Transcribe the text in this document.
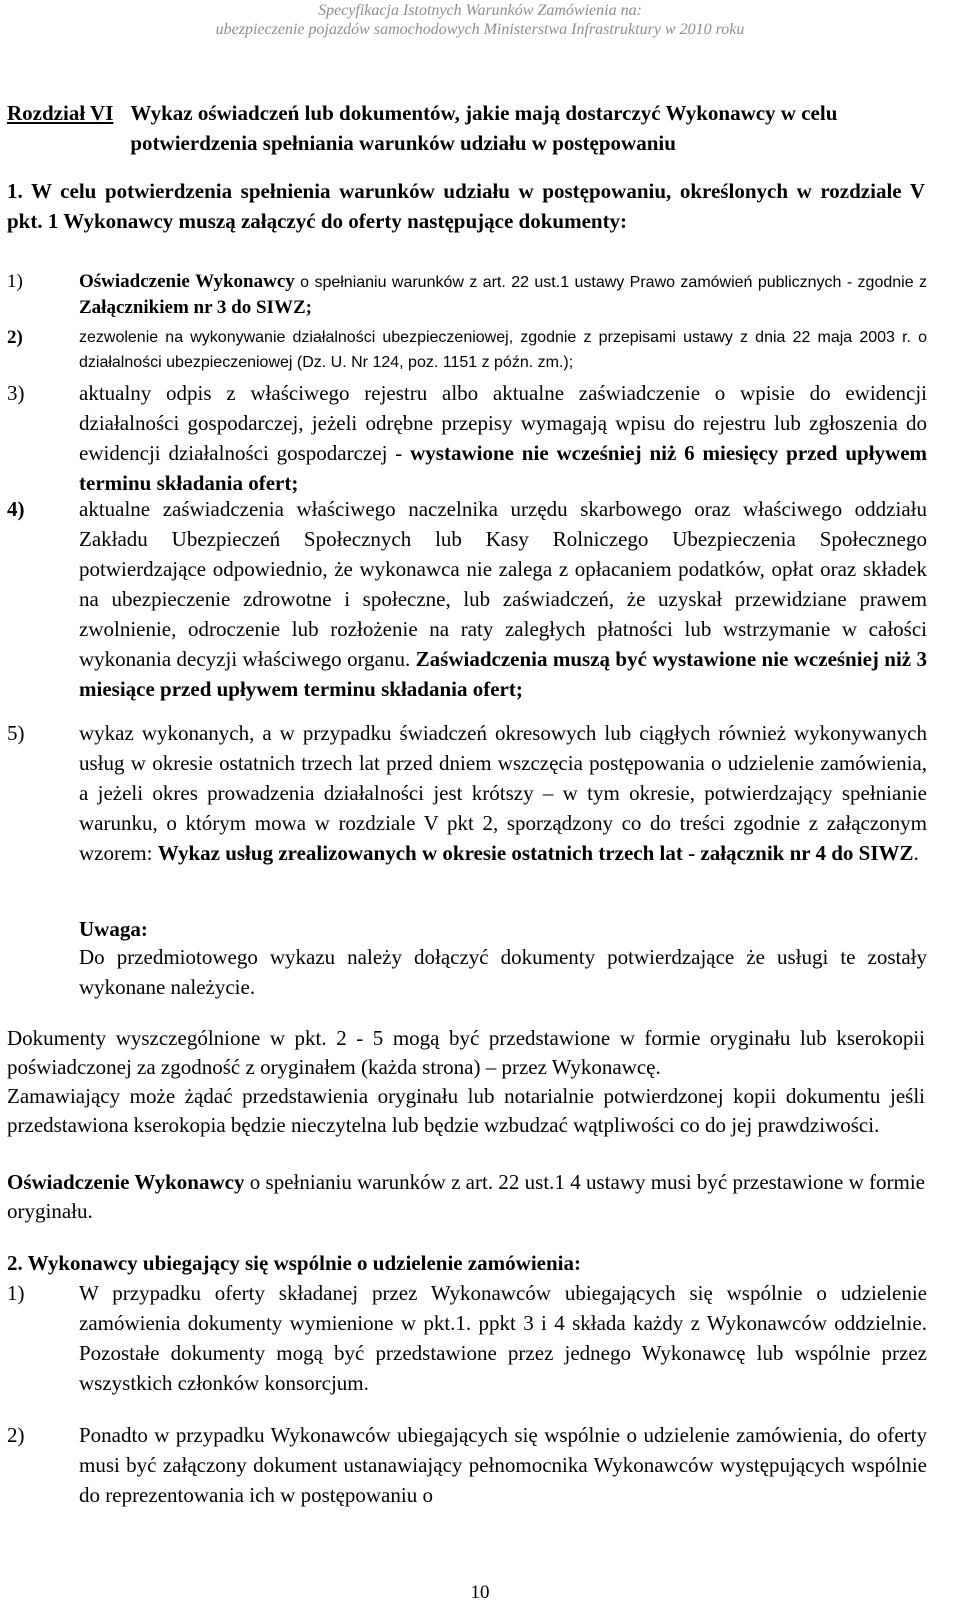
Specyfikacja Istotnych Warunków Zamówienia na:
ubezpieczenie pojazdów samochodowych Ministerstwa Infrastruktury w 2010 roku
Rozdział VI Wykaz oświadczeń lub dokumentów, jakie mają dostarczyć Wykonawcy w celu potwierdzenia spełniania warunków udziału w postępowaniu
1. W celu potwierdzenia spełnienia warunków udziału w postępowaniu, określonych w rozdziale V pkt. 1 Wykonawcy muszą załączyć do oferty następujące dokumenty:
1)	Oświadczenie Wykonawcy o spełnianiu warunków z art. 22 ust.1 ustawy Prawo zamówień publicznych - zgodnie z Załącznikiem nr 3 do SIWZ;
2)	zezwolenie na wykonywanie działalności ubezpieczeniowej, zgodnie z przepisami ustawy z dnia 22 maja 2003 r. o działalności ubezpieczeniowej (Dz. U. Nr 124, poz. 1151 z późn. zm.);
3)	aktualny odpis z właściwego rejestru albo aktualne zaświadczenie o wpisie do ewidencji działalności gospodarczej, jeżeli odrębne przepisy wymagają wpisu do rejestru lub zgłoszenia do ewidencji działalności gospodarczej - wystawione nie wcześniej niż 6 miesięcy przed upływem terminu składania ofert;
4)	aktualne zaświadczenia właściwego naczelnika urzędu skarbowego oraz właściwego oddziału Zakładu Ubezpieczeń Społecznych lub Kasy Rolniczego Ubezpieczenia Społecznego potwierdzające odpowiednio, że wykonawca nie zalega z opłacaniem podatków, opłat oraz składek na ubezpieczenie zdrowotne i społeczne, lub zaświadczeń, że uzyskał przewidziane prawem zwolnienie, odroczenie lub rozłożenie na raty zaległych płatności lub wstrzymanie w całości wykonania decyzji właściwego organu. Zaświadczenia muszą być wystawione nie wcześniej niż 3 miesiące przed upływem terminu składania ofert;
5)	wykaz wykonanych, a w przypadku świadczeń okresowych lub ciągłych również wykonywanych usług w okresie ostatnich trzech lat przed dniem wszczęcia postępowania o udzielenie zamówienia, a jeżeli okres prowadzenia działalności jest krótszy – w tym okresie, potwierdzający spełnianie warunku, o którym mowa w rozdziale V pkt 2, sporządzony co do treści zgodnie z załączonym wzorem: Wykaz usług zrealizowanych w okresie ostatnich trzech lat - załącznik nr 4 do SIWZ.
Uwaga:
Do przedmiotowego wykazu należy dołączyć dokumenty potwierdzające że usługi te zostały wykonane należycie.
Dokumenty wyszczególnione w pkt. 2 - 5 mogą być przedstawione w formie oryginału lub kserokopii poświadczonej za zgodność z oryginałem (każda strona) – przez Wykonawcę.
Zamawiający może żądać przedstawienia oryginału lub notarialnie potwierdzonej kopii dokumentu jeśli przedstawiona kserokopia będzie nieczytelna lub będzie wzbudzać wątpliwości co do jej prawdziwości.
Oświadczenie Wykonawcy o spełnianiu warunków z art. 22 ust.1 4 ustawy musi być przestawione w formie oryginału.
2. Wykonawcy ubiegający się wspólnie o udzielenie zamówienia:
1)	W przypadku oferty składanej przez Wykonawców ubiegających się wspólnie o udzielenie zamówienia dokumenty wymienione w pkt.1. ppkt 3 i 4 składa każdy z Wykonawców oddzielnie. Pozostałe dokumenty mogą być przedstawione przez jednego Wykonawcę lub wspólnie przez wszystkich członków konsorcjum.
2)	Ponadto w przypadku Wykonawców ubiegających się wspólnie o udzielenie zamówienia, do oferty musi być załączony dokument ustanawiający pełnomocnika Wykonawców występujących wspólnie do reprezentowania ich w postępowaniu o
10
